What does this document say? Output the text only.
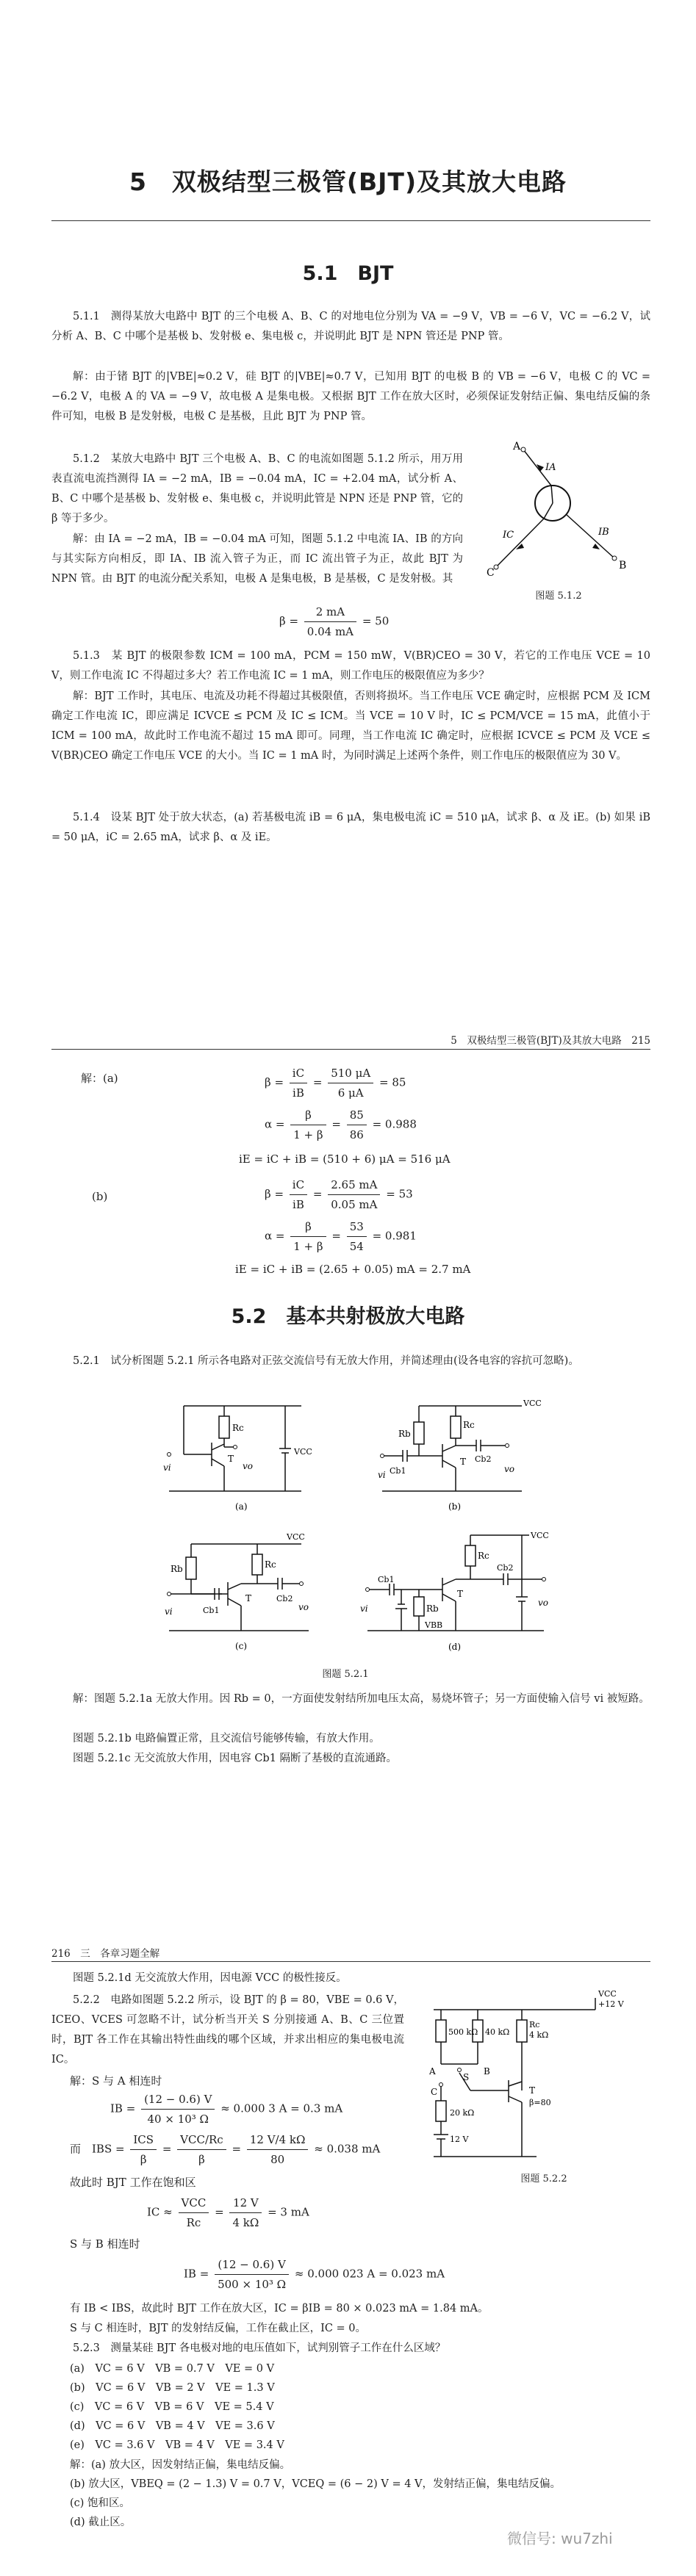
5　双极结型三极管(BJT)及其放大电路
5.1　BJT

5.1.1　测得某放大电路中 BJT 的三个电极 A、B、C 的对地电位分别为 VA = −9 V，VB = −6 V，VC = −6.2 V，试分析 A、B、C 中哪个是基极 b、发射极 e、集电极 c，并说明此 BJT 是 NPN 管还是 PNP 管。

解：由于锗 BJT 的|VBE|≈0.2 V，硅 BJT 的|VBE|≈0.7 V，已知用 BJT 的电极 B 的 VB = −6 V，电极 C 的 VC = −6.2 V，电极 A 的 VA = −9 V，故电极 A 是集电极。又根据 BJT 工作在放大区时，必须保证发射结正偏、集电结反偏的条件可知，电极 B 是发射极，电极 C 是基极，且此 BJT 为 PNP 管。

5.1.2　某放大电路中 BJT 三个电极 A、B、C 的电流如图题 5.1.2 所示，用万用表直流电流挡测得 IA = −2 mA，IB = −0.04 mA，IC = +2.04 mA，试分析 A、B、C 中哪个是基极 b、发射极 e、集电极 c，并说明此管是 NPN 还是 PNP 管，它的 β 等于多少。

解：由 IA = −2 mA，IB = −0.04 mA 可知，图题 5.1.2 中电流 IA、IB 的方向与其实际方向相反，即 IA、IB 流入管子为正，而 IC 流出管子为正，故此 BJT 为 NPN 管。由 BJT 的电流分配关系知，电极 A 是集电极，B 是基极，C 是发射极。其

A
C
B
IA
IC	IB
图题 5.1.2
$\beta = \frac{2 mA}{0.04 mA} = 50$

5.1.3　某 BJT 的极限参数 ICM = 100 mA，PCM = 150 mW，V(BR)CEO = 30 V，若它的工作电压 VCE = 10 V，则工作电流 IC 不得超过多大？若工作电流 IC = 1 mA，则工作电压的极限值应为多少？

解：BJT 工作时，其电压、电流及功耗不得超过其极限值，否则将损坏。当工作电压 VCE 确定时，应根据 PCM 及 ICM 确定工作电流 IC，即应满足 ICVCE ≤ PCM 及 IC ≤ ICM。当 VCE = 10 V 时，IC ≤ PCM/VCE = 15 mA，此值小于 ICM = 100 mA，故此时工作电流不超过 15 mA 即可。同理，当工作电流 IC 确定时，应根据 ICVCE ≤ PCM 及 VCE ≤ V(BR)CEO 确定工作电压 VCE 的大小。当 IC = 1 mA 时，为同时满足上述两个条件，则工作电压的极限值应为 30 V。

5.1.4　设某 BJT 处于放大状态，(a) 若基极电流 iB = 6 μA，集电极电流 iC = 510 μA，试求 β、α 及 iE。(b) 如果 iB = 50 μA，iC = 2.65 mA，试求 β、α 及 iE。

5　双极结型三极管(BJT)及其放大电路　215
解：(a)	$\beta = \frac{iC}{iB} = \frac{510 \mu A}{6 \mu A} = 85$
$\alpha = \frac{\beta}{1 + \beta} = \frac{85}{86} = 0.988$
iE = iC + iB = (510 + 6) μA = 516 μA
(b)	$\beta = \frac{iC}{iB} = \frac{2.65 mA}{0.05 mA} = 53$
$\alpha = \frac{\beta}{1 + \beta} = \frac{53}{54} = 0.981$
iE = iC + iB = (2.65 + 0.05) mA = 2.7 mA
5.2　基本共射极放大电路

5.2.1　试分析图题 5.2.1 所示各电路对正弦交流信号有无放大作用，并简述理由(设各电容的容抗可忽略)。

Rc
T
VCC
vi	vo
(a)
VCC
Rb
Rc
Cb1
Cb2
T
vi
vo
(b)
VCC
Rb	Rc
Cb1
Cb2
T
vi	vo
(c)
VCC
Rc
Rb
Cb1
Cb2
T
VBB
vi
vo
(d)
图题 5.2.1

解：图题 5.2.1a 无放大作用。因 Rb = 0，一方面使发射结所加电压太高，易烧坏管子；另一方面使输入信号 vi 被短路。

图题 5.2.1b 电路偏置正常，且交流信号能够传输，有放大作用。

图题 5.2.1c 无交流放大作用，因电容 Cb1 隔断了基极的直流通路。

216　三　各章习题全解

图题 5.2.1d 无交流放大作用，因电源 VCC 的极性接反。

5.2.2　电路如图题 5.2.2 所示，设 BJT 的 β = 80，VBE = 0.6 V，ICEO、VCES 可忽略不计，试分析当开关 S 分别接通 A、B、C 三位置时，BJT 各工作在其输出特性曲线的哪个区域，并求出相应的集电极电流 IC。

VCC
+12 V
500 kΩ 40 kΩ
Rc
4 kΩ
A	B
S
C
20 kΩ
12 V
T
β=80
图题 5.2.2
解：S 与 A 相连时
IB = $\frac{(12 - 0.6) V}{\text{40 × 10³ Ω}} \approx 0.000$ 3 A = 0.3 mA
而　IBS = $\frac{\text{ICS}}{\beta} = \frac{\text{VCC/Rc}}{\beta} = \frac{12 V/4 k\Omega}{80} \approx 0.038$ mA
故此时 BJT 工作在饱和区
IC ≈ $\frac{\text{VCC}}{Rc} = \frac{12 V}{4 k\Omega} = 3$ mA
S 与 B 相连时
IB = $\frac{(12 - 0.6) V}{\text{500 × 10³ Ω}} \approx 0.000$ 023 A = 0.023 mA

有 IB < IBS，故此时 BJT 工作在放大区，IC = βIB = 80 × 0.023 mA = 1.84 mA。

S 与 C 相连时，BJT 的发射结反偏，工作在截止区，IC = 0。

5.2.3　测量某硅 BJT 各电极对地的电压值如下，试判别管子工作在什么区域？

(a)　VC = 6 V　VB = 0.7 V　VE = 0 V
(b)　VC = 6 V　VB = 2 V　VE = 1.3 V
(c)　VC = 6 V　VB = 6 V　VE = 5.4 V
(d)　VC = 6 V　VB = 4 V　VE = 3.6 V
(e)　VC = 3.6 V　VB = 4 V　VE = 3.4 V
解：(a) 放大区，因发射结正偏，集电结反偏。
(b) 放大区，VBEQ = (2 − 1.3) V = 0.7 V，VCEQ = (6 − 2) V = 4 V，发射结正偏，集电结反偏。
(c) 饱和区。
(d) 截止区。
微信号: wu7zhi
